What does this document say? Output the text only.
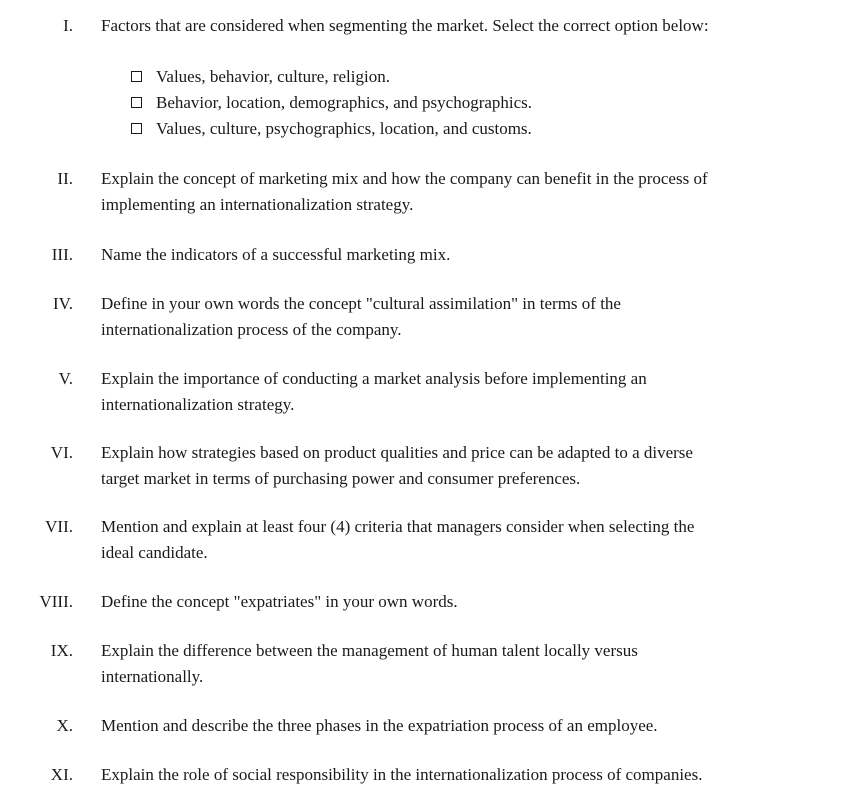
I. Factors that are considered when segmenting the market. Select the correct option below:
Values, behavior, culture, religion.
Behavior, location, demographics, and psychographics.
Values, culture, psychographics, location, and customs.
II. Explain the concept of marketing mix and how the company can benefit in the process of
implementing an internationalization strategy.
III. Name the indicators of a successful marketing mix.
IV. Define in your own words the concept "cultural assimilation" in terms of the
internationalization process of the company.
V. Explain the importance of conducting a market analysis before implementing an
internationalization strategy.
VI. Explain how strategies based on product qualities and price can be adapted to a diverse
target market in terms of purchasing power and consumer preferences.
VII. Mention and explain at least four (4) criteria that managers consider when selecting the
ideal candidate.
VIII. Define the concept "expatriates" in your own words.
IX. Explain the difference between the management of human talent locally versus
internationally.
X. Mention and describe the three phases in the expatriation process of an employee.
XI. Explain the role of social responsibility in the internationalization process of companies.
